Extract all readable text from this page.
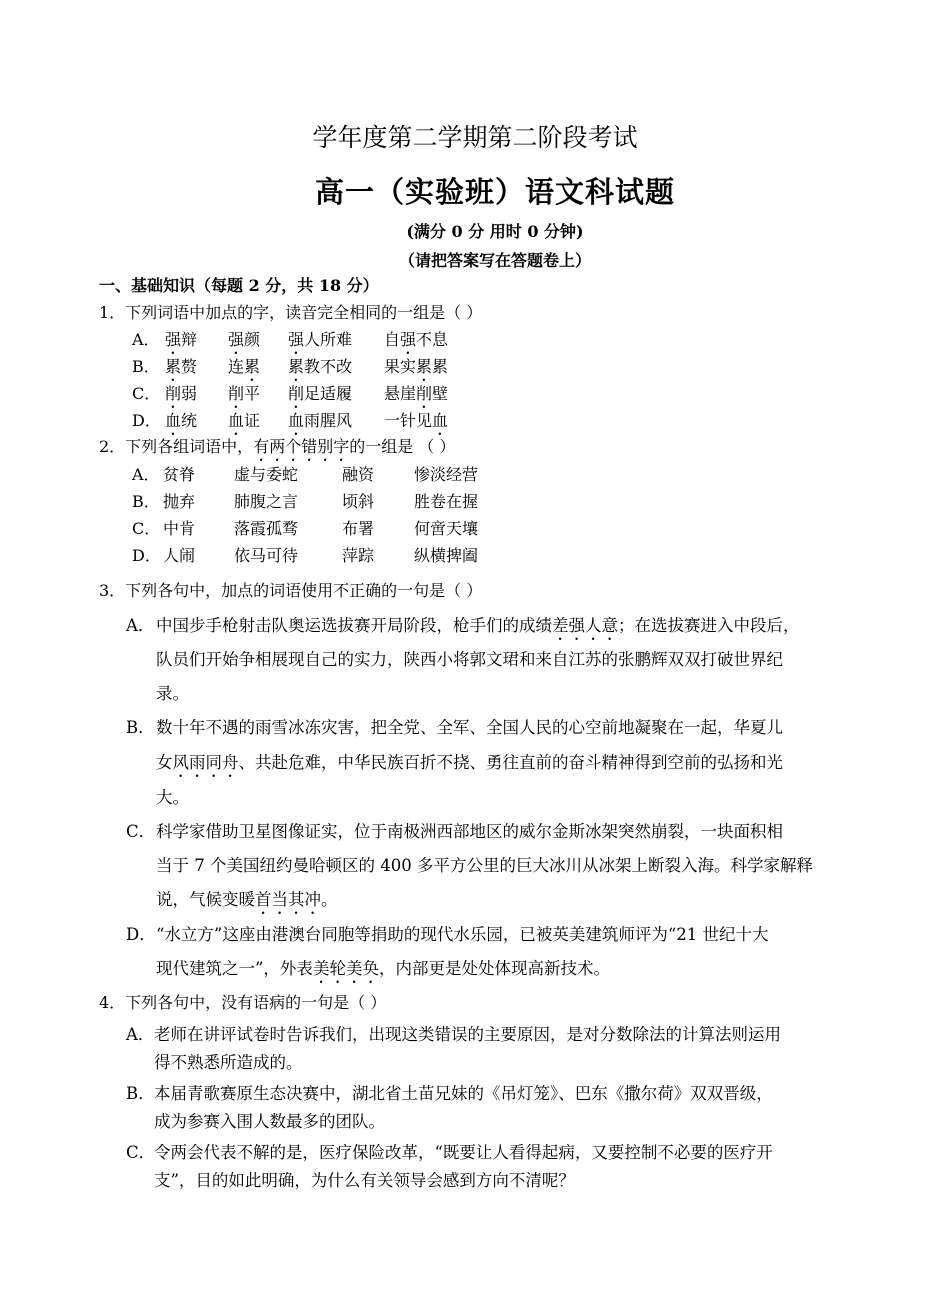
学年度第二学期第二阶段考试
高一（实验班）语文科试题
(满分 0 分 用时 0 分钟)
（请把答案写在答题卷上）
一、基础知识（每题 2 分，共 18 分）
1．下列词语中加点的字，读音完全相同的一组是（ ）
A． 强辩 强颜 强人所难 自强不息
B． 累赘 连累 累教不改 果实累累
C． 削弱 削平 削足适履 悬崖削壁
D． 血统 血证 血雨腥风 一针见血
2．下列各组词语中，有两个错别字的一组是 （ ）
A． 贫脊 虚与委蛇	融资 惨淡经营
B． 抛弃 肺腹之言	顷斜 胜卷在握
C． 中肯 落霞孤骛	布署 何啻天壤
D． 人闹 依马可待	萍踪 纵横捭阖
3．下列各句中，加点的词语使用不正确的一句是（ ）
A． 中国步手枪射击队奥运选拔赛开局阶段，枪手们的成绩差强人意；在选拔赛进入中段后，
队员们开始争相展现自己的实力，陕西小将郭文珺和来自江苏的张鹏辉双双打破世界纪
录。
B． 数十年不遇的雨雪冰冻灾害，把全党、全军、全国人民的心空前地凝聚在一起，华夏儿
女风雨同舟、共赴危难，中华民族百折不挠、勇往直前的奋斗精神得到空前的弘扬和光
大。
C． 科学家借助卫星图像证实，位于南极洲西部地区的威尔金斯冰架突然崩裂，一块面积相
当于 7 个美国纽约曼哈顿区的 400 多平方公里的巨大冰川从冰架上断裂入海。科学家解释
说，气候变暖首当其冲。
D． “水立方”这座由港澳台同胞等捐助的现代水乐园，已被英美建筑师评为“21 世纪十大
现代建筑之一”，外表美轮美奂，内部更是处处体现高新技术。
4．下列各句中，没有语病的一句是（ ）
A． 老师在讲评试卷时告诉我们，出现这类错误的主要原因，是对分数除法的计算法则运用
得不熟悉所造成的。
B． 本届青歌赛原生态决赛中，湖北省土苗兄妹的《吊灯笼》、巴东《撒尔荷》双双晋级，
成为参赛入围人数最多的团队。
C．
令两会代表不解的是，医疗保险改革，“既要让人看得起病，又要控制不必要的医疗开
支”，目的如此明确，为什么有关领导会感到方向不清呢？
